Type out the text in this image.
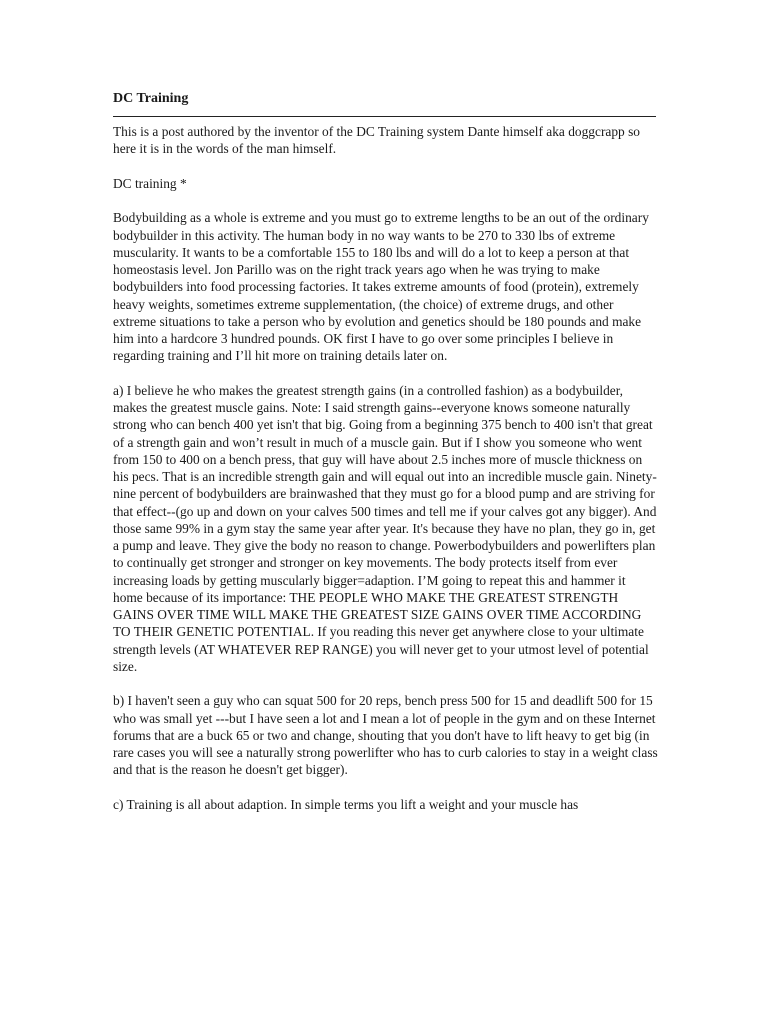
DC Training

This is a post authored by the inventor of the DC Training system Dante himself aka doggcrapp so here it is in the words of the man himself.

DC training *

Bodybuilding as a whole is extreme and you must go to extreme lengths to be an out of the ordinary bodybuilder in this activity. The human body in no way wants to be 270 to 330 lbs of extreme muscularity. It wants to be a comfortable 155 to 180 lbs and will do a lot to keep a person at that homeostasis level. Jon Parillo was on the right track years ago when he was trying to make bodybuilders into food processing factories. It takes extreme amounts of food (protein), extremely heavy weights, sometimes extreme supplementation, (the choice) of extreme drugs, and other extreme situations to take a person who by evolution and genetics should be 180 pounds and make him into a hardcore 3 hundred pounds. OK first I have to go over some principles I believe in regarding training and I’ll hit more on training details later on.

a) I believe he who makes the greatest strength gains (in a controlled fashion) as a bodybuilder, makes the greatest muscle gains. Note: I said strength gains--everyone knows someone naturally strong who can bench 400 yet isn't that big. Going from a beginning 375 bench to 400 isn't that great of a strength gain and won’t result in much of a muscle gain. But if I show you someone who went from 150 to 400 on a bench press, that guy will have about 2.5 inches more of muscle thickness on his pecs. That is an incredible strength gain and will equal out into an incredible muscle gain. Ninety-nine percent of bodybuilders are brainwashed that they must go for a blood pump and are striving for that effect--(go up and down on your calves 500 times and tell me if your calves got any bigger). And those same 99% in a gym stay the same year after year. It's because they have no plan, they go in, get a pump and leave. They give the body no reason to change. Powerbodybuilders and powerlifters plan to continually get stronger and stronger on key movements. The body protects itself from ever increasing loads by getting muscularly bigger=adaption. I’M going to repeat this and hammer it home because of its importance: THE PEOPLE WHO MAKE THE GREATEST STRENGTH GAINS OVER TIME WILL MAKE THE GREATEST SIZE GAINS OVER TIME ACCORDING TO THEIR GENETIC POTENTIAL. If you reading this never get anywhere close to your ultimate strength levels (AT WHATEVER REP RANGE) you will never get to your utmost level of potential size.

b) I haven't seen a guy who can squat 500 for 20 reps, bench press 500 for 15 and deadlift 500 for 15 who was small yet ---but I have seen a lot and I mean a lot of people in the gym and on these Internet forums that are a buck 65 or two and change, shouting that you don't have to lift heavy to get big (in rare cases you will see a naturally strong powerlifter who has to curb calories to stay in a weight class and that is the reason he doesn't get bigger).

c) Training is all about adaption. In simple terms you lift a weight and your muscle has
